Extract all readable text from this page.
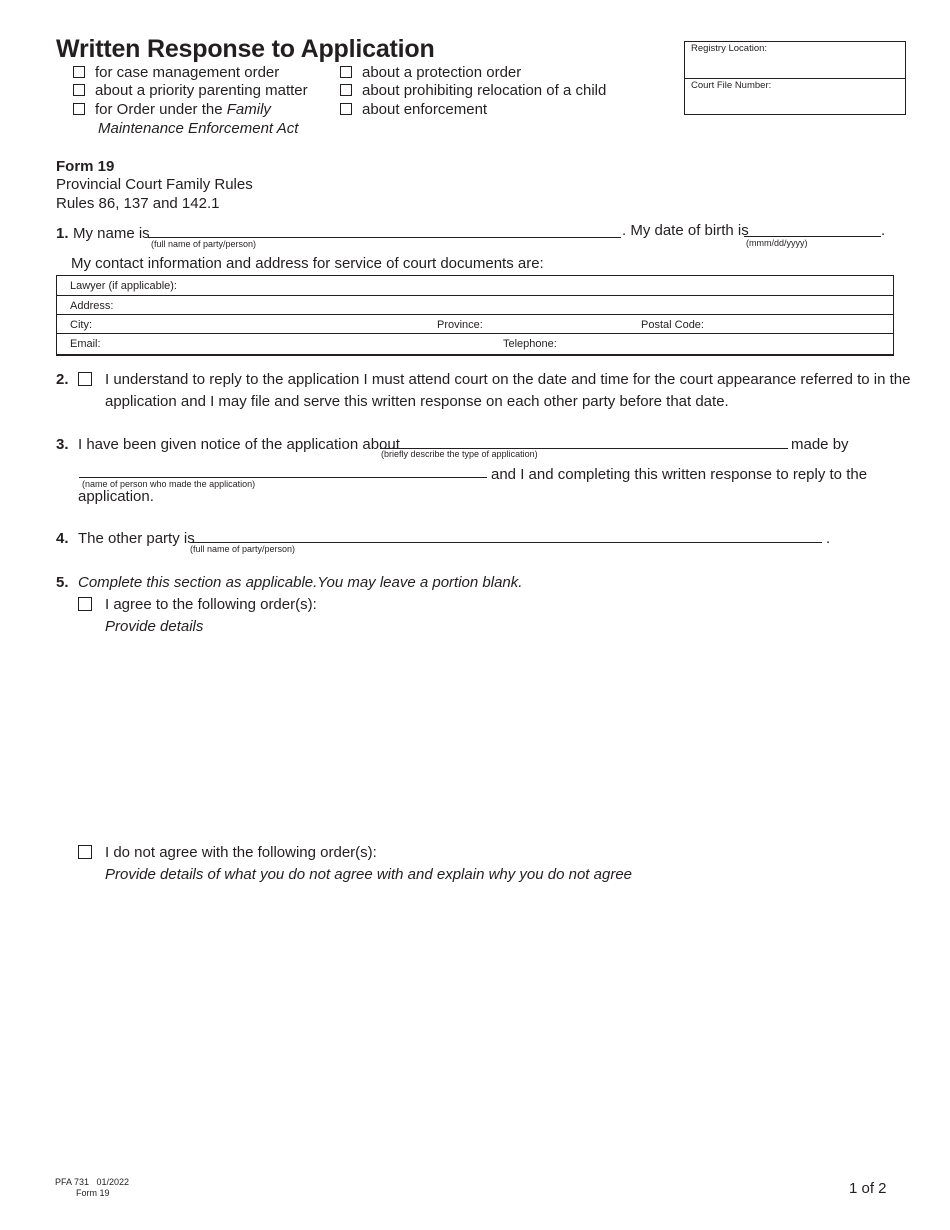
Written Response to Application
for case management order
about a priority parenting matter
for Order under the Family
Maintenance Enforcement Act
about a protection order
about prohibiting relocation of a child
about enforcement
Registry Location:
Court File Number:
Form 19
Provincial Court Family Rules
Rules 86, 137 and 142.1
1. My name is
(full name of party/person)
. My date of birth is	.
(mmm/dd/yyyy)
My contact information and address for service of court documents are:
Lawyer (if applicable):
Address:
City:	Province:	Postal Code:
Email:	Telephone:
2. I understand to reply to the application I must attend court on the date and time for the court appearance referred to in the
application and I may file and serve this written response on each other party before that date.
3. I have been given notice of the application about
(briefly describe the type of application)
made by
(name of person who made the application)
and I and completing this written response to reply to the
application.
4. The other party is	.
(full name of party/person)
5. Complete this section as applicable.You may leave a portion blank.
I agree to the following order(s):
Provide details
I do not agree with the following order(s):
Provide details of what you do not agree with and explain why you do not agree
PFA 731   01/2022
Form 19	1 of 2
